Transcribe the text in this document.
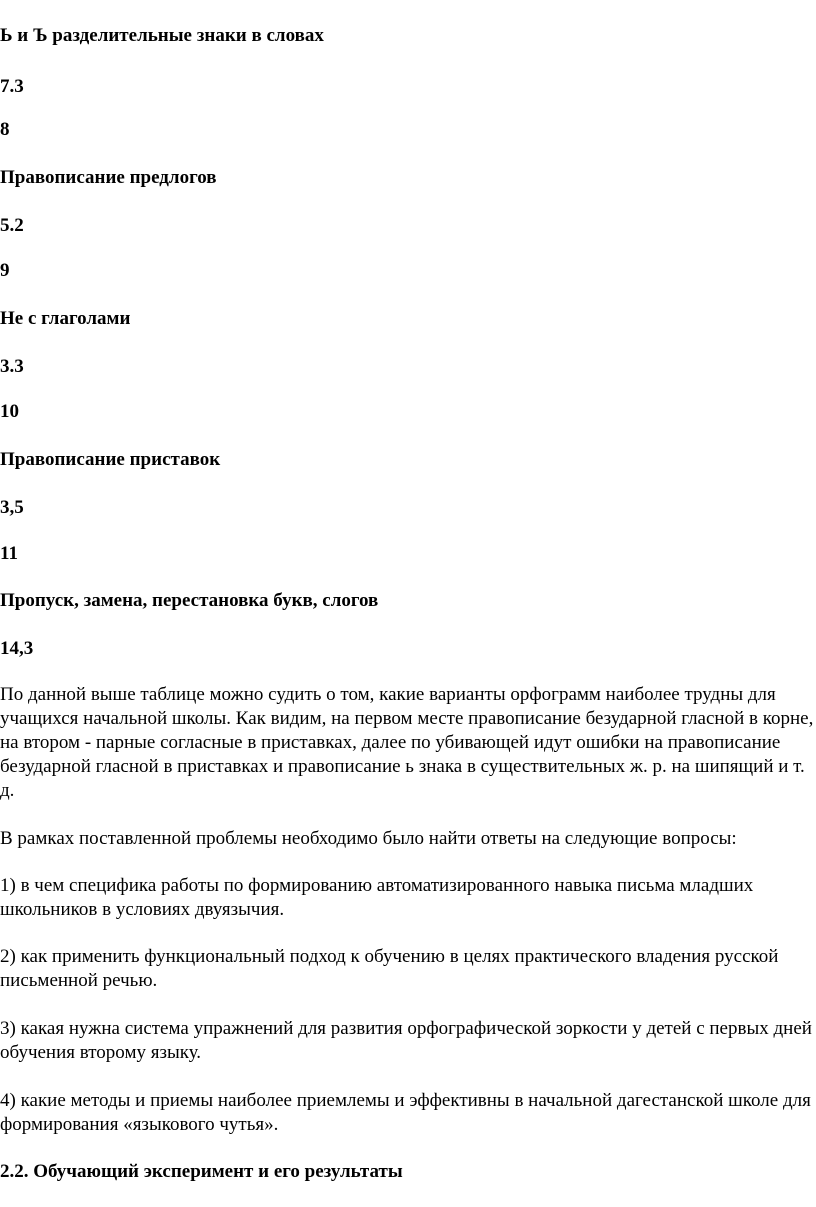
Ь и Ъ разделительные знаки в словах
7.3
8
Правописание предлогов
5.2
9
Не с глаголами
3.3
10
Правописание приставок
3,5
11
Пропуск, замена, перестановка букв, слогов
14,3
По данной выше таблице можно судить о том, какие варианты орфограмм наиболее трудны для учащихся начальной школы. Как видим, на первом месте правописание безударной гласной в корне, на втором - парные согласные в приставках, далее по убивающей идут ошибки на правописание безударной гласной в приставках и правописание ь знака в существительных ж. р. на шипящий и т. д.
В рамках поставленной проблемы необходимо было найти ответы на следующие вопросы:
1) в чем специфика работы по формированию автоматизированного навыка письма младших школьников в условиях двуязычия.
2) как применить функциональный подход к обучению в целях практического владения русской письменной речью.
3) какая нужна система упражнений для развития орфографической зоркости у детей с первых дней обучения второму языку.
4) какие методы и приемы наиболее приемлемы и эффективны в начальной дагестанской школе для формирования «языкового чутья».
2.2. Обучающий эксперимент и его результаты
